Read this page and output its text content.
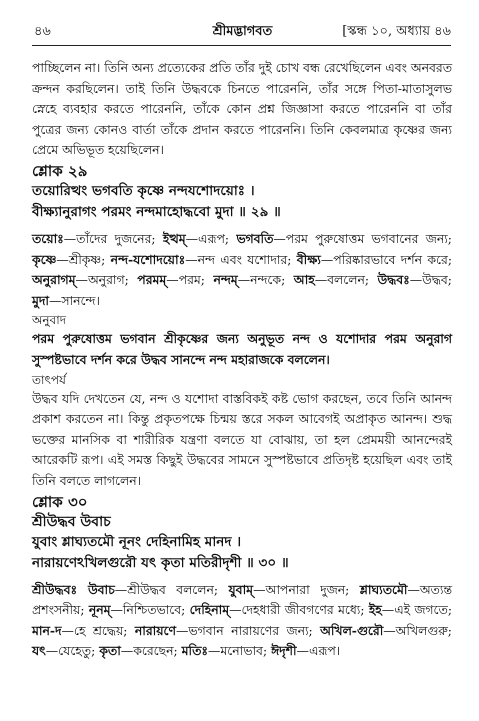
৪৬	শ্রীমদ্ভাগবত	[স্কন্ধ ১০, অধ্যায় ৪৬

পাচ্ছিলেন না। তিনি অন্য প্রত্যেকের প্রতি তাঁর দুই চোখ বন্ধ রেখেছিলেন এবং অনবরত ক্রন্দন করছিলেন। তাই তিনি উদ্ধবকে চিনতে পারেননি, তাঁর সঙ্গে পিতা-মাতাসুলভ স্নেহে ব্যবহার করতে পারেননি, তাঁকে কোন প্রশ্ন জিজ্ঞাসা করতে পারেননি বা তাঁর পুত্রের জন্য কোনও বার্তা তাঁকে প্রদান করতে পারেননি। তিনি কেবলমাত্র কৃষ্ণের জন্য প্রেমে অভিভূত হয়েছিলেন।

শ্লোক ২৯

তয়োরিত্থং ভগবতি কৃষ্ণে নন্দযশোদয়োঃ ।

বীক্ষ্যানুরাগং পরমং নন্দমাহোদ্ধবো মুদা ॥ ২৯ ॥

তয়োঃ—তাঁদের দুজনের; ইত্থম্—এরূপ; ভগবতি—পরম পুরুষোত্তম ভগবানের জন্য; কৃষ্ণে—শ্রীকৃষ্ণ; নন্দ-যশোদয়োঃ—নন্দ এবং যশোদার; বীক্ষ্য—পরিষ্কারভাবে দর্শন করে; অনুরাগম্—অনুরাগ; পরমম্—পরম; নন্দম্—নন্দকে; আহ—বললেন; উদ্ধবঃ—উদ্ধব; মুদা—সানন্দে।

অনুবাদ

পরম পুরুষোত্তম ভগবান শ্রীকৃষ্ণের জন্য অনুভূত নন্দ ও যশোদার পরম অনুরাগ সুস্পষ্টভাবে দর্শন করে উদ্ধব সানন্দে নন্দ মহারাজকে বললেন।

তাৎপর্য

উদ্ধব যদি দেখতেন যে, নন্দ ও যশোদা বাস্তবিকই কষ্ট ভোগ করছেন, তবে তিনি আনন্দ প্রকাশ করতেন না। কিন্তু প্রকৃতপক্ষে চিন্ময় স্তরে সকল আবেগই অপ্রাকৃত আনন্দ। শুদ্ধ ভক্তের মানসিক বা শারীরিক যন্ত্রণা বলতে যা বোঝায়, তা হল প্রেমময়ী আনন্দেরই আরেকটি রূপ। এই সমস্ত কিছুই উদ্ধবের সামনে সুস্পষ্টভাবে প্রতিদৃষ্ট হয়েছিল এবং তাই তিনি বলতে লাগলেন।

শ্লোক ৩০

শ্রীউদ্ধব উবাচ

যুবাং শ্লাঘ্যতমৌ নূনং দেহিনামিহ মানদ ।

নারায়ণেঽখিলগুরৌ যৎ কৃতা মতিরীদৃশী ॥ ৩০ ॥

শ্রীউদ্ধবঃ উবাচ—শ্রীউদ্ধব বললেন; যুবাম্—আপনারা দুজন; শ্লাঘ্যতমৌ—অত্যন্ত প্রশংসনীয়; নূনম্—নিশ্চিতভাবে; দেহিনাম্—দেহধারী জীবগণের মধ্যে; ইহ—এই জগতে; মান-দ—হে শ্রদ্ধেয়; নারায়ণে—ভগবান নারায়ণের জন্য; অখিল-গুরৌ—অখিলগুরু; যৎ—যেহেতু; কৃতা—করেছেন; মতিঃ—মনোভাব; ঈদৃশী—এরূপ।
